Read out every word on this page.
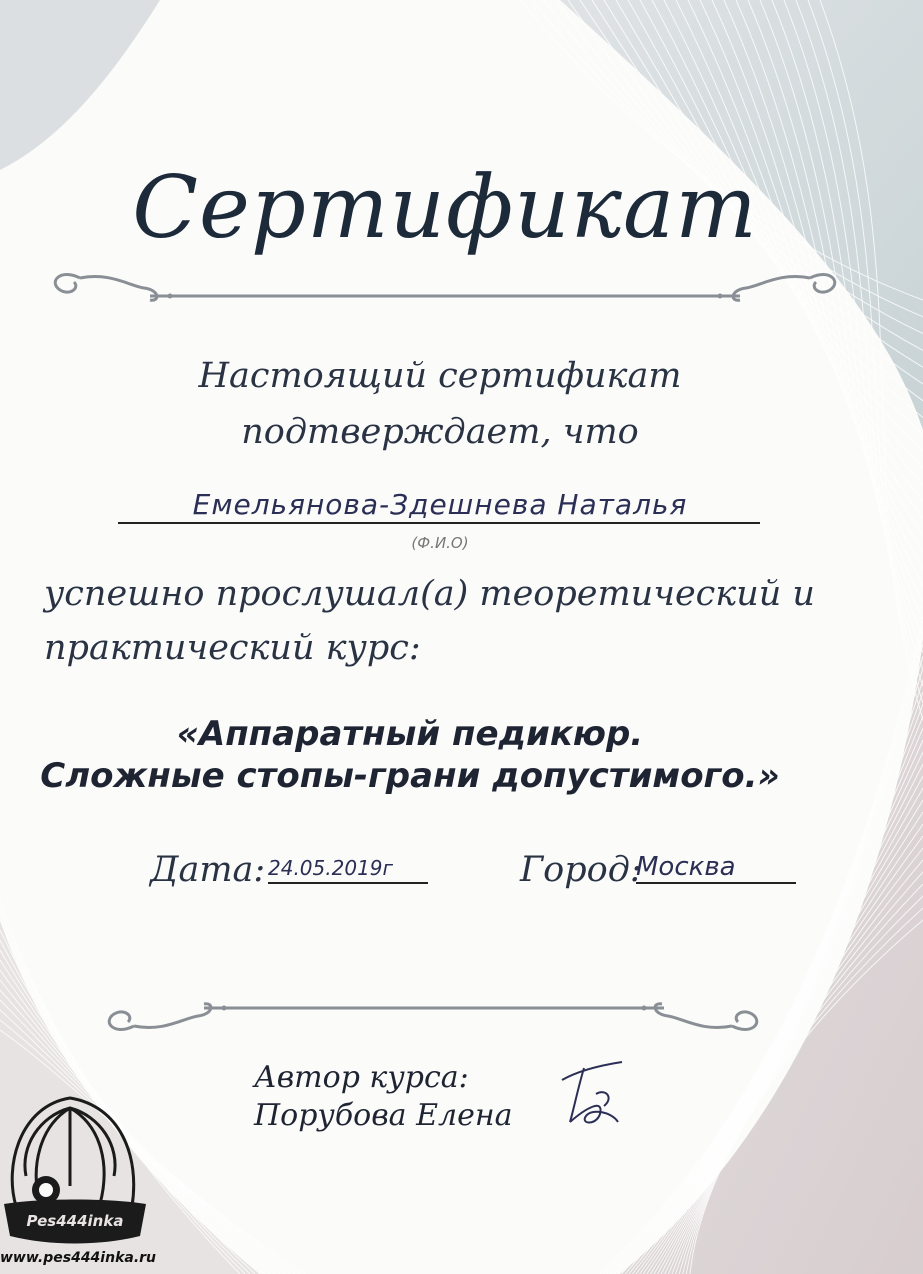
Сертификат
Настоящий сертификат
подтверждает, что
Емельянова-Здешнева Наталья
(Ф.И.О)
успешно прослушал(а) теоретический и
практический курс:
«Аппаратный педикюр.
Сложные стопы-грани допустимого.»
Дата: 24.05.2019г	Город:
Москва
Автор курса:
Порубова Елена
Pes444inka
www.pes444inka.ru
